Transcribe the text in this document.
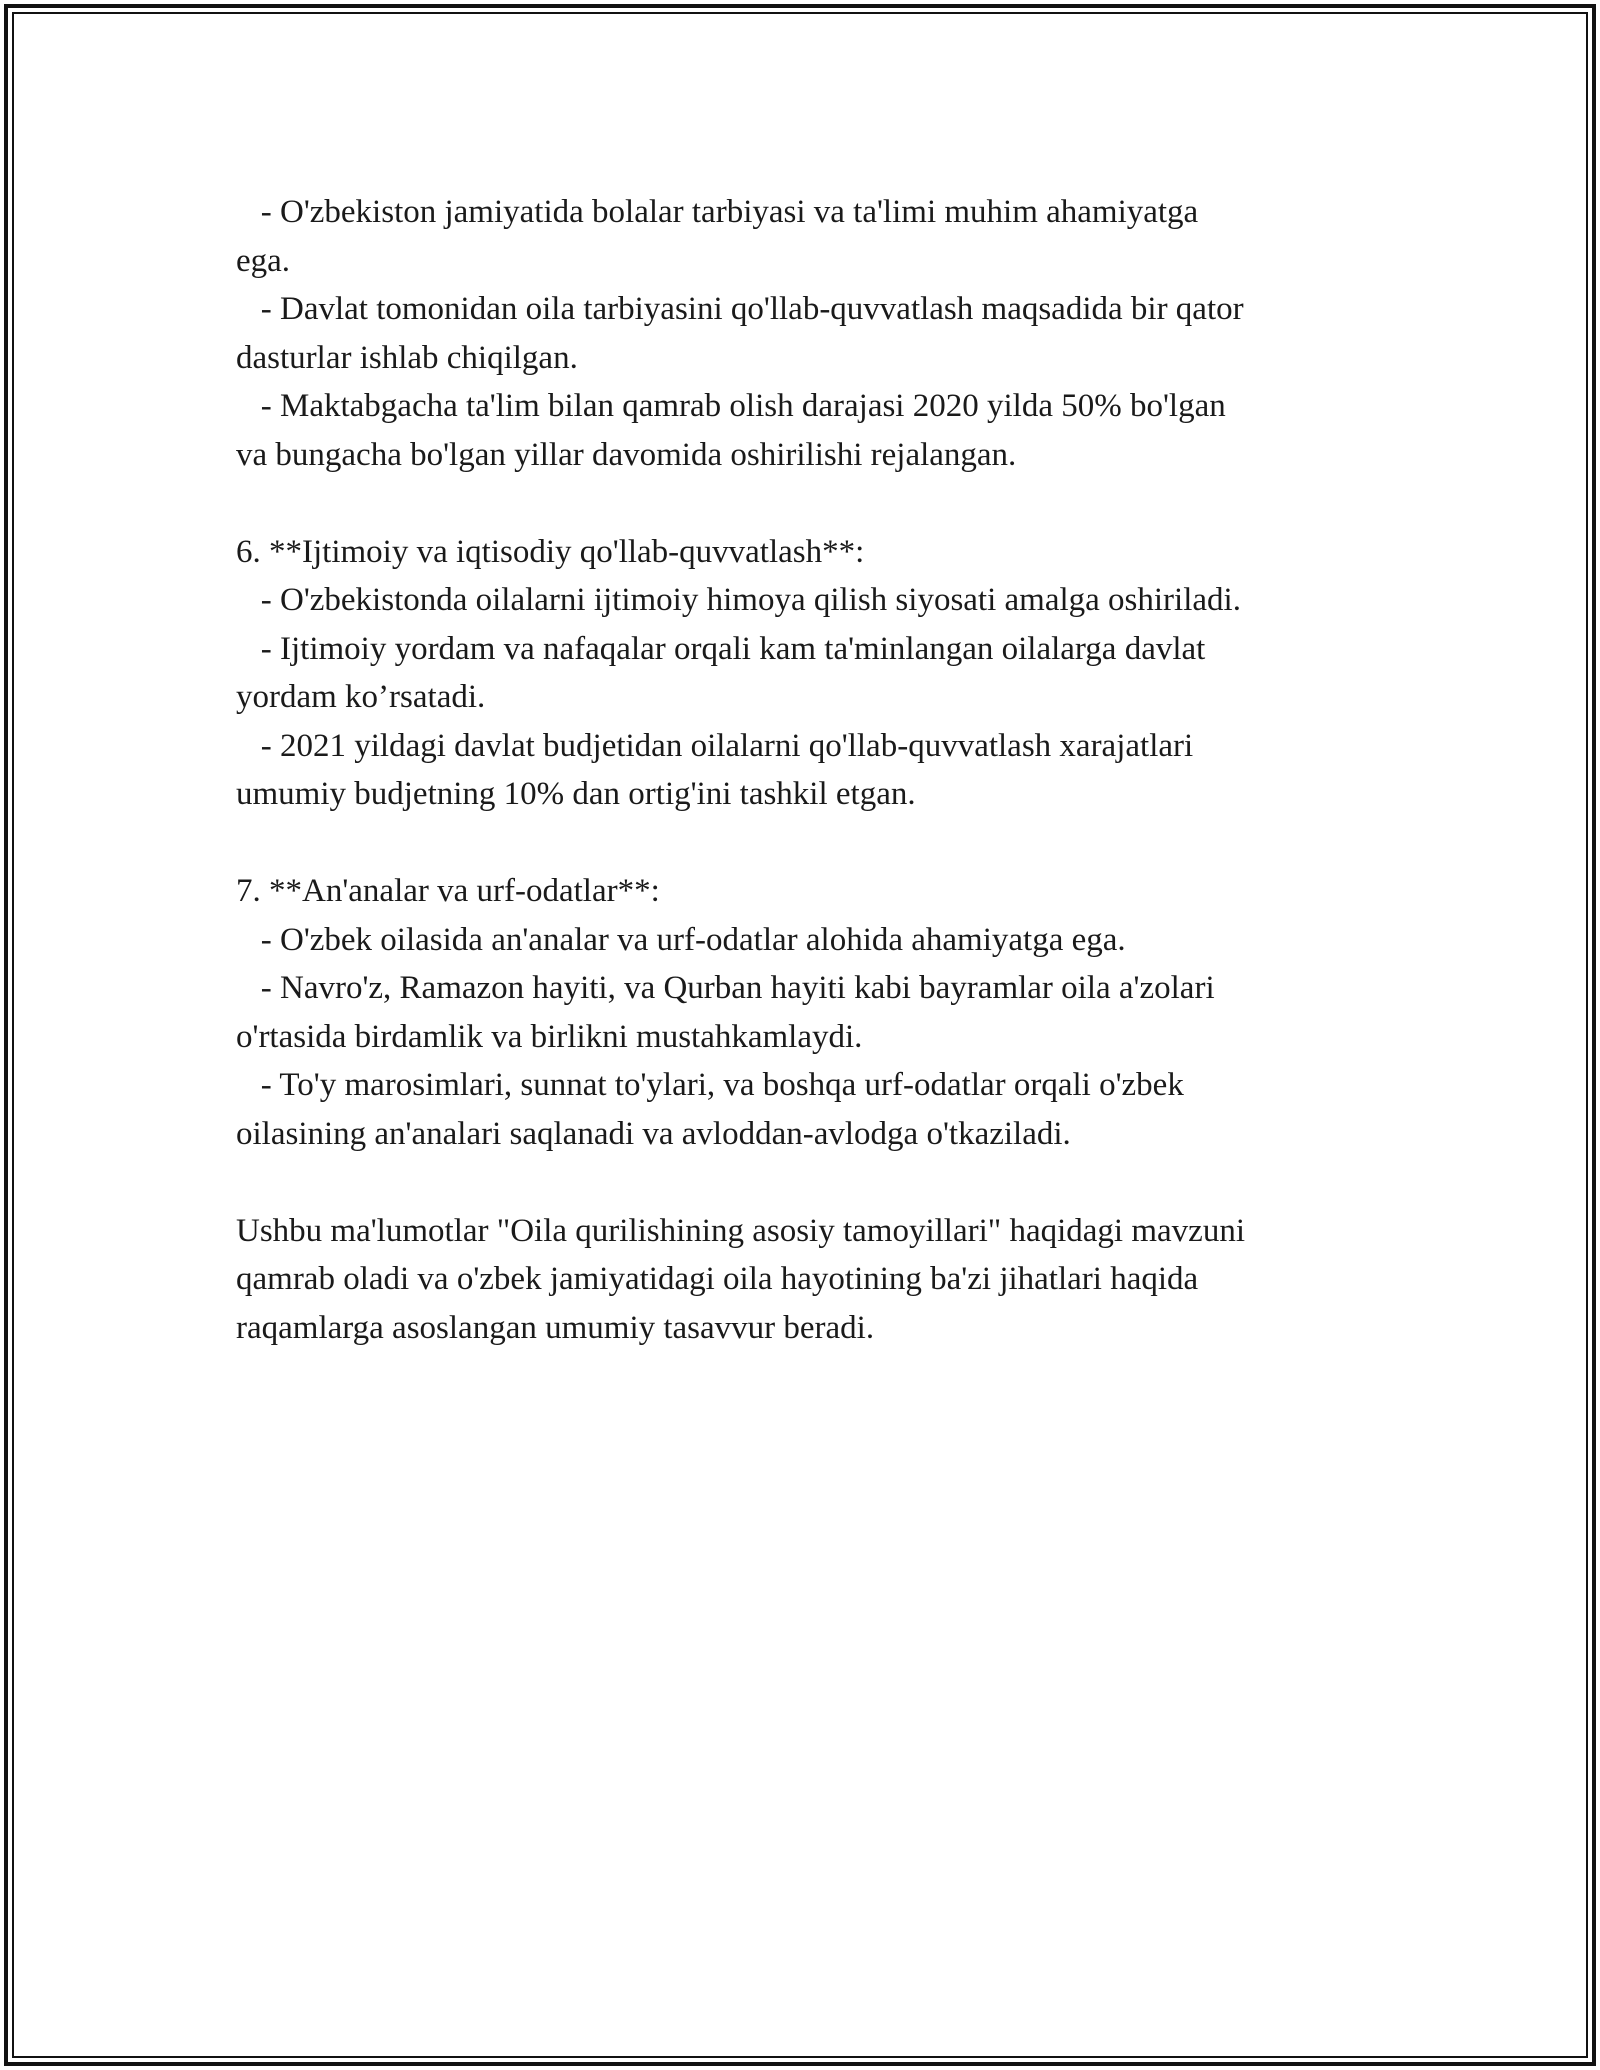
- O'zbekiston jamiyatida bolalar tarbiyasi va ta'limi muhim ahamiyatga

ega.

- Davlat tomonidan oila tarbiyasini qo'llab-quvvatlash maqsadida bir qator

dasturlar ishlab chiqilgan.

- Maktabgacha ta'lim bilan qamrab olish darajasi 2020 yilda 50% bo'lgan

va bungacha bo'lgan yillar davomida oshirilishi rejalangan.

6. **Ijtimoiy va iqtisodiy qo'llab-quvvatlash**:

- O'zbekistonda oilalarni ijtimoiy himoya qilish siyosati amalga oshiriladi.

- Ijtimoiy yordam va nafaqalar orqali kam ta'minlangan oilalarga davlat

yordam ko’rsatadi.

- 2021 yildagi davlat budjetidan oilalarni qo'llab-quvvatlash xarajatlari

umumiy budjetning 10% dan ortig'ini tashkil etgan.

7. **An'analar va urf-odatlar**:

- O'zbek oilasida an'analar va urf-odatlar alohida ahamiyatga ega.

- Navro'z, Ramazon hayiti, va Qurban hayiti kabi bayramlar oila a'zolari

o'rtasida birdamlik va birlikni mustahkamlaydi.

- To'y marosimlari, sunnat to'ylari, va boshqa urf-odatlar orqali o'zbek

oilasining an'analari saqlanadi va avloddan-avlodga o'tkaziladi.

Ushbu ma'lumotlar "Oila qurilishining asosiy tamoyillari" haqidagi mavzuni

qamrab oladi va o'zbek jamiyatidagi oila hayotining ba'zi jihatlari haqida

raqamlarga asoslangan umumiy tasavvur beradi.
